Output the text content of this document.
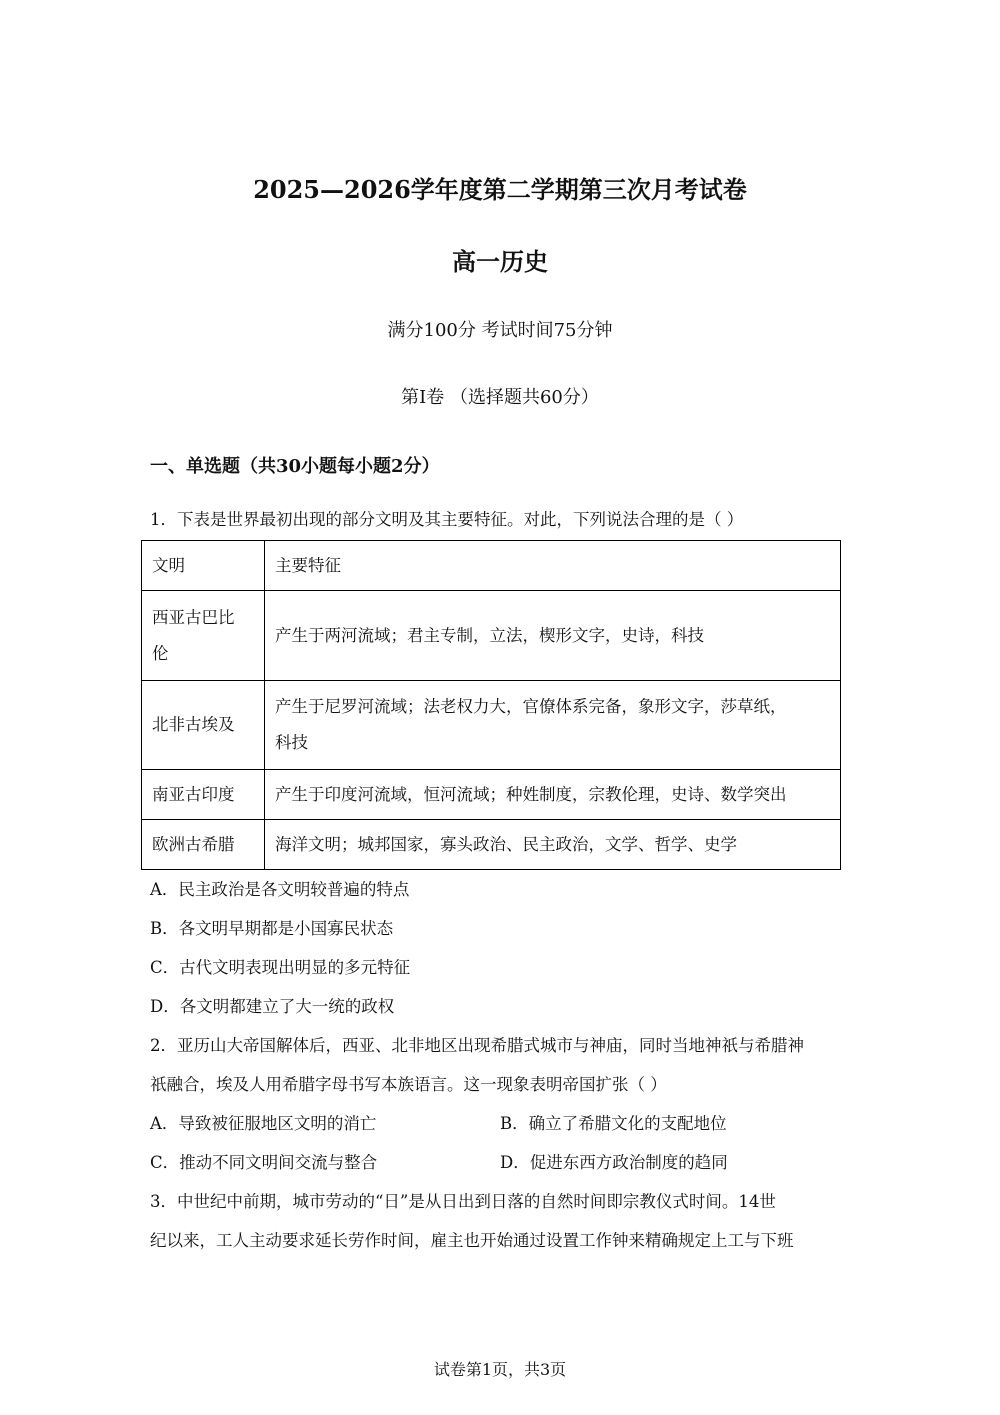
2025—2026学年度第二学期第三次月考试卷
高一历史
满分100分 考试时间75分钟
第Ⅰ卷 （选择题共60分）
一、单选题（共30小题每小题2分）
1．下表是世界最初出现的部分文明及其主要特征。对此，下列说法合理的是（ ）
文明	主要特征

西亚古巴比
伦	产生于两河流域；君主专制，立法，楔形文字，史诗，科技

北非古埃及	产生于尼罗河流域；法老权力大，官僚体系完备，象形文字，莎草纸，
科技

南亚古印度	产生于印度河流域，恒河流域；种姓制度，宗教伦理，史诗、数学突出
欧洲古希腊	海洋文明；城邦国家，寡头政治、民主政治，文学、哲学、史学
A．民主政治是各文明较普遍的特点
B．各文明早期都是小国寡民状态
C．古代文明表现出明显的多元特征
D．各文明都建立了大一统的政权
2．亚历山大帝国解体后，西亚、北非地区出现希腊式城市与神庙，同时当地神祇与希腊神
祇融合，埃及人用希腊字母书写本族语言。这一现象表明帝国扩张（ ）
A．导致被征服地区文明的消亡	B．确立了希腊文化的支配地位
C．推动不同文明间交流与整合	D．促进东西方政治制度的趋同
3．中世纪中前期，城市劳动的“日”是从日出到日落的自然时间即宗教仪式时间。14世
纪以来，工人主动要求延长劳作时间，雇主也开始通过设置工作钟来精确规定上工与下班
试卷第1页，共3页
